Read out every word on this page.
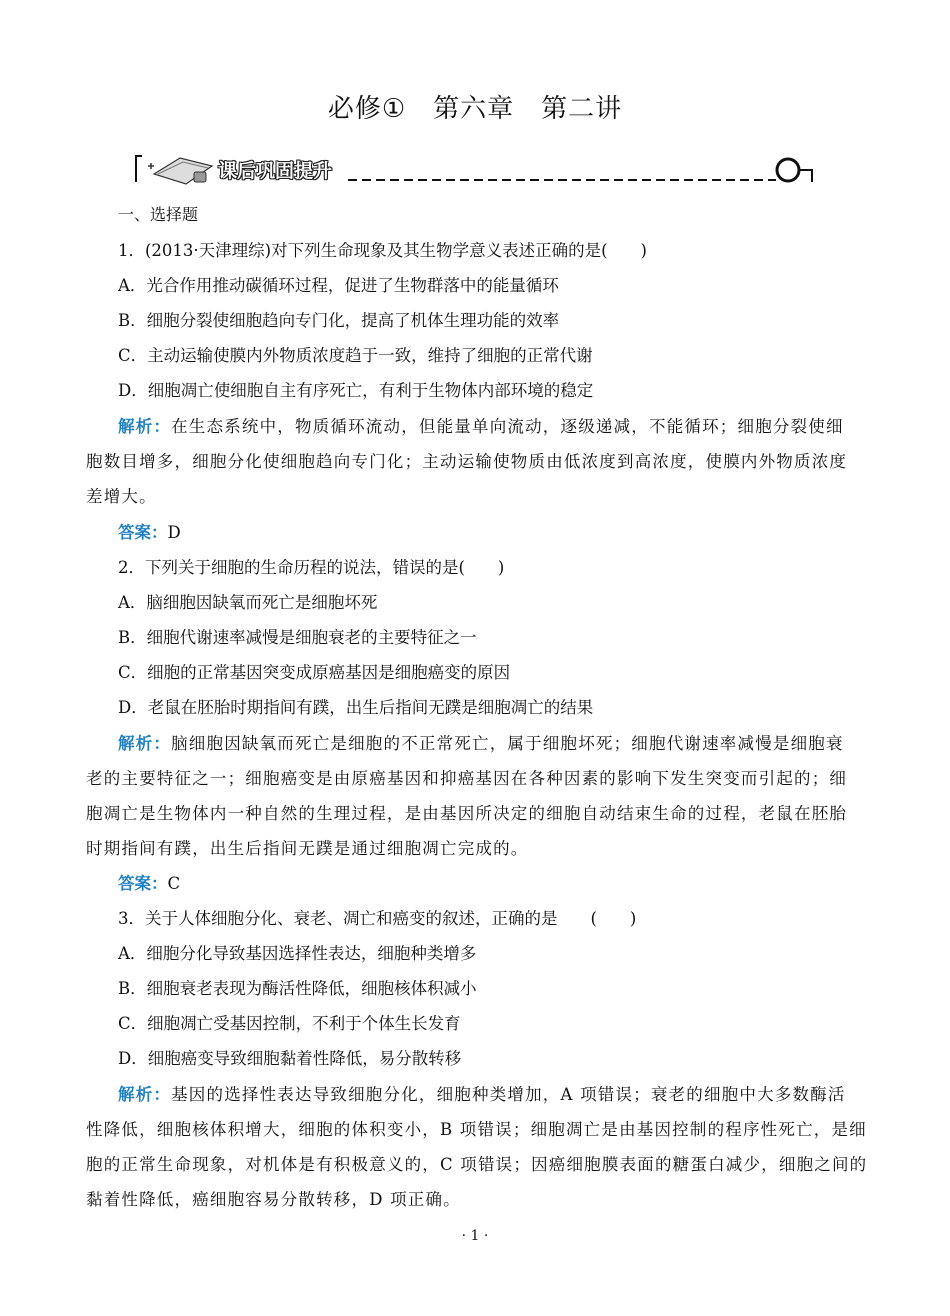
必修①　第六章　第二讲
课后巩固提升
一、选择题
1．(2013·天津理综)对下列生命现象及其生物学意义表述正确的是(　　)
A．光合作用推动碳循环过程，促进了生物群落中的能量循环
B．细胞分裂使细胞趋向专门化，提高了机体生理功能的效率
C．主动运输使膜内外物质浓度趋于一致，维持了细胞的正常代谢
D．细胞凋亡使细胞自主有序死亡，有利于生物体内部环境的稳定
解析：在生态系统中，物质循环流动，但能量单向流动，逐级递减，不能循环；细胞分裂使细
胞数目增多，细胞分化使细胞趋向专门化；主动运输使物质由低浓度到高浓度，使膜内外物质浓度
差增大。
答案：D
2．下列关于细胞的生命历程的说法，错误的是(　　)
A．脑细胞因缺氧而死亡是细胞坏死
B．细胞代谢速率减慢是细胞衰老的主要特征之一
C．细胞的正常基因突变成原癌基因是细胞癌变的原因
D．老鼠在胚胎时期指间有蹼，出生后指间无蹼是细胞凋亡的结果
解析：脑细胞因缺氧而死亡是细胞的不正常死亡，属于细胞坏死；细胞代谢速率减慢是细胞衰
老的主要特征之一；细胞癌变是由原癌基因和抑癌基因在各种因素的影响下发生突变而引起的；细
胞凋亡是生物体内一种自然的生理过程，是由基因所决定的细胞自动结束生命的过程，老鼠在胚胎
时期指间有蹼，出生后指间无蹼是通过细胞凋亡完成的。
答案：C
3．关于人体细胞分化、衰老、凋亡和癌变的叙述，正确的是　　(　　)
A．细胞分化导致基因选择性表达，细胞种类增多
B．细胞衰老表现为酶活性降低，细胞核体积减小
C．细胞凋亡受基因控制，不利于个体生长发育
D．细胞癌变导致细胞黏着性降低，易分散转移
解析：基因的选择性表达导致细胞分化，细胞种类增加，A 项错误；衰老的细胞中大多数酶活
性降低，细胞核体积增大，细胞的体积变小，B 项错误；细胞凋亡是由基因控制的程序性死亡，是细
胞的正常生命现象，对机体是有积极意义的，C 项错误；因癌细胞膜表面的糖蛋白减少，细胞之间的
黏着性降低，癌细胞容易分散转移，D 项正确。
· 1 ·
